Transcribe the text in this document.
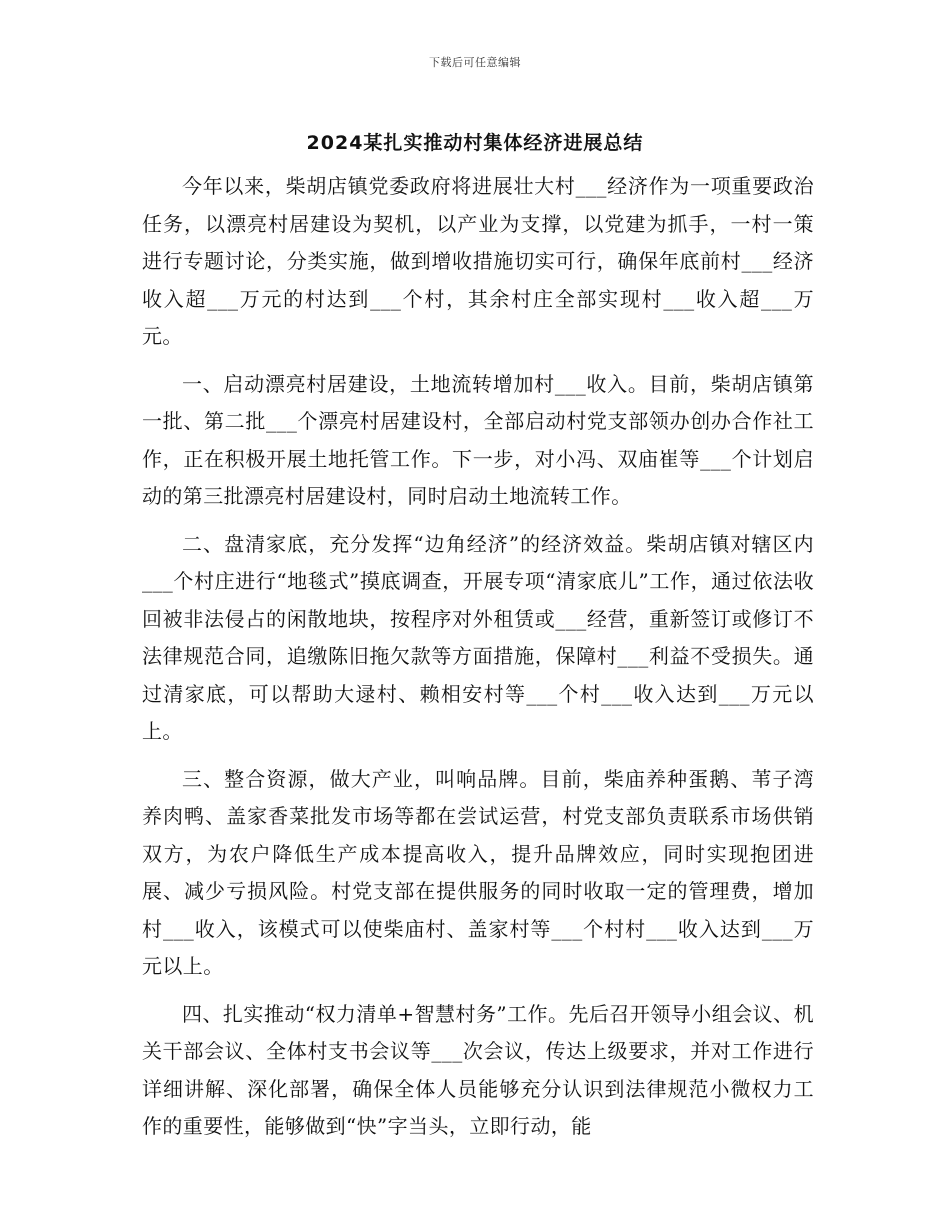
下载后可任意编辑
2024某扎实推动村集体经济进展总结

今年以来，柴胡店镇党委政府将进展壮大村___经济作为一项重要政治任务，以漂亮村居建设为契机，以产业为支撑，以党建为抓手，一村一策进行专题讨论，分类实施，做到增收措施切实可行，确保年底前村___经济收入超___万元的村达到___个村，其余村庄全部实现村___收入超___万元。

一、启动漂亮村居建设，土地流转增加村___收入。目前，柴胡店镇第一批、第二批___个漂亮村居建设村，全部启动村党支部领办创办合作社工作，正在积极开展土地托管工作。下一步，对小冯、双庙崔等___个计划启动的第三批漂亮村居建设村，同时启动土地流转工作。

二、盘清家底，充分发挥“边角经济”的经济效益。柴胡店镇对辖区内___个村庄进行“地毯式”摸底调查，开展专项“清家底儿”工作，通过依法收回被非法侵占的闲散地块，按程序对外租赁或___经营，重新签订或修订不法律规范合同，追缴陈旧拖欠款等方面措施，保障村___利益不受损失。通过清家底，可以帮助大逯村、赖相安村等___个村___收入达到___万元以上。

三、整合资源，做大产业，叫响品牌。目前，柴庙养种蛋鹅、苇子湾养肉鸭、盖家香菜批发市场等都在尝试运营，村党支部负责联系市场供销双方，为农户降低生产成本提高收入，提升品牌效应，同时实现抱团进展、减少亏损风险。村党支部在提供服务的同时收取一定的管理费，增加村___收入，该模式可以使柴庙村、盖家村等___个村村___收入达到___万元以上。

四、扎实推动“权力清单+智慧村务”工作。先后召开领导小组会议、机关干部会议、全体村支书会议等___次会议，传达上级要求，并对工作进行详细讲解、深化部署，确保全体人员能够充分认识到法律规范小微权力工作的重要性，能够做到“快”字当头，立即行动，能
